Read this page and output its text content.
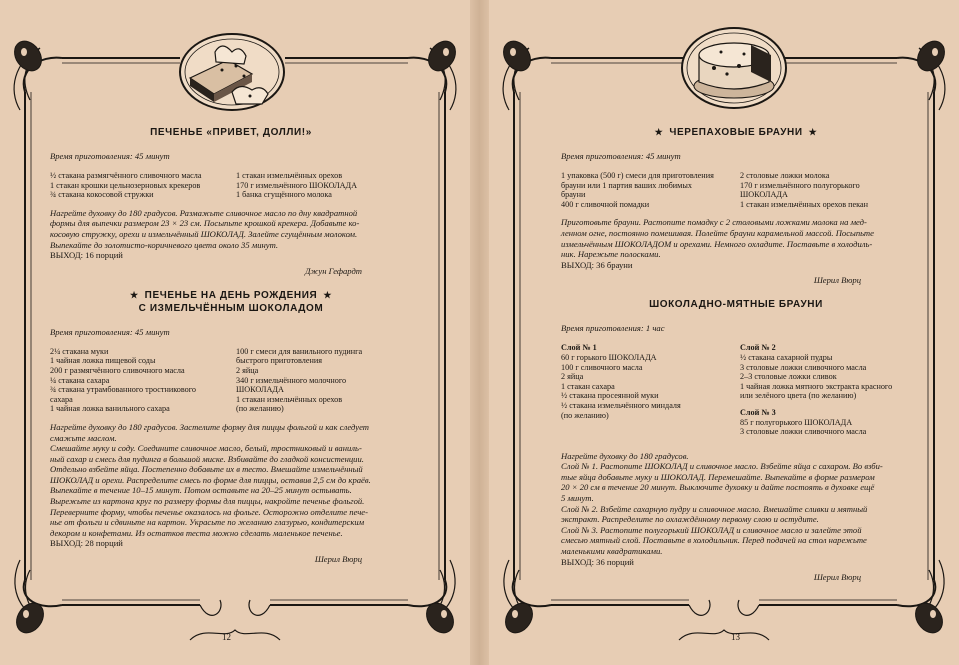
ПЕЧЕНЬЕ «ПРИВЕТ, ДОЛЛИ!»
Время приготовления: 45 минут
½ стакана размягчённого сливочного масла
1 стакан крошки цельнозерновых крекеров
¾ стакана кокосовой стружки
1 стакан измельчённых орехов
170 г измельчённого ШОКОЛАДА
1 банка сгущённого молока
Нагрейте духовку до 180 градусов. Размажьте сливочное масло по дну квадратной
формы для выпечки размером 23 × 23 см. Посыпьте крошкой крекера. Добавьте ко-
косовую стружку, орехи и измельчённый ШОКОЛАД. Залейте сгущённым молоком.
Выпекайте до золотисто-коричневого цвета около 35 минут.
ВЫХОД: 16 порций
Джун Гефардт
★ ПЕЧЕНЬЕ НА ДЕНЬ РОЖДЕНИЯ ★
С ИЗМЕЛЬЧЁННЫМ ШОКОЛАДОМ
Время приготовления: 45 минут
2¼ стакана муки
1 чайная ложка пищевой соды
200 г размягчённого сливочного масла
¼ стакана сахара
¾ стакана утрамбованного тростникового
сахара
1 чайная ложка ванильного сахара
100 г смеси для ванильного пудинга
быстрого приготовления
2 яйца
340 г измельчённого молочного
ШОКОЛАДА
1 стакан измельчённых орехов
(по желанию)
Нагрейте духовку до 180 градусов. Застелите форму для пиццы фольгой и как следует
смажьте маслом.
Смешайте муку и соду. Соедините сливочное масло, белый, тростниковый и ваниль-
ный сахар и смесь для пудинга в большой миске. Взбивайте до гладкой консистенции.
Отдельно взбейте яйца. Постепенно добавьте их в тесто. Вмешайте измельчённый
ШОКОЛАД и орехи. Распределите смесь по форме для пиццы, оставив 2,5 см до краёв.
Выпекайте в течение 10–15 минут. Потом оставьте на 20–25 минут остывать.
Вырежьте из картона круг по размеру формы для пиццы, накройте печенье фольгой.
Переверните форму, чтобы печенье оказалось на фольге. Осторожно отделите пече-
нье от фольги и сдвиньте на картон. Украсьте по желанию глазурью, кондитерским
декором и конфетами. Из остатков теста можно сделать маленькое печенье.
ВЫХОД: 28 порций
Шерил Вюрц
12
★ ЧЕРЕПАХОВЫЕ БРАУНИ ★
Время приготовления: 45 минут
1 упаковка (500 г) смеси для приготовления
брауни или 1 партия ваших любимых
брауни
400 г сливочной помадки
2 столовые ложки молока
170 г измельчённого полугорького
ШОКОЛАДА
1 стакан измельчённых орехов пекан
Приготовьте брауни. Растопите помадку с 2 столовыми ложками молока на мед-
ленном огне, постоянно помешивая. Полейте брауни карамельной массой. Посыпьте
измельчённым ШОКОЛАДОМ и орехами. Немного охладите. Поставьте в холодиль-
ник. Нарежьте полосками.
ВЫХОД: 36 брауни
Шерил Вюрц
ШОКОЛАДНО-МЯТНЫЕ БРАУНИ
Время приготовления: 1 час
Слой № 1
60 г горького ШОКОЛАДА
100 г сливочного масла
2 яйца
1 стакан сахара
½ стакана просеянной муки
½ стакана измельчённого миндаля
(по желанию)
Слой № 2
½ стакана сахарной пудры
3 столовые ложки сливочного масла
2–3 столовые ложки сливок
1 чайная ложка мятного экстракта красного
или зелёного цвета (по желанию)
Слой № 3
85 г полугорького ШОКОЛАДА
3 столовые ложки сливочного масла
Нагрейте духовку до 180 градусов.
Слой № 1. Растопите ШОКОЛАД и сливочное масло. Взбейте яйца с сахаром. Во взби-
тые яйца добавьте муку и ШОКОЛАД. Перемешайте. Выпекайте в форме размером
20 × 20 см в течение 20 минут. Выключите духовку и дайте постоять в духовке ещё
5 минут.
Слой № 2. Взбейте сахарную пудру и сливочное масло. Вмешайте сливки и мятный
экстракт. Распределите по охлаждённому первому слою и остудите.
Слой № 3. Растопите полугорький ШОКОЛАД и сливочное масло и залейте этой
смесью мятный слой. Поставьте в холодильник. Перед подачей на стол нарежьте
маленькими квадратиками.
ВЫХОД: 36 порций
Шерил Вюрц
13
